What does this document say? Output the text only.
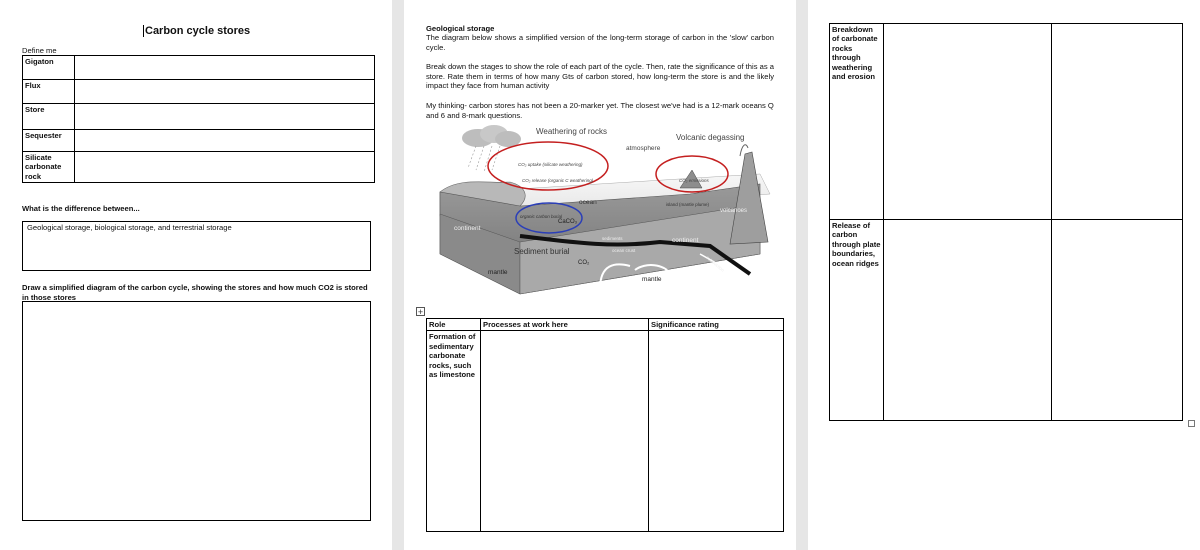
Carbon cycle stores
Define me
Gigaton	
Flux	
Store	
Sequester	
Silicate carbonate rock	
What is the difference between...
Geological storage, biological storage, and terrestrial storage
Draw a simplified diagram of the carbon cycle, showing the stores and how much CO2 is stored in those stores
Geological storage
The diagram below shows a simplified version of the long-term storage of carbon in the 'slow' carbon cycle.
Break down the stages to show the role of each part of the cycle. Then, rate the significance of this as a store. Rate them in terms of how many Gts of carbon stored, how long-term the store is and the likely impact they face from human activity
My thinking- carbon stores has not been a 20-marker yet. The closest we've had is a 12-mark oceans Q and 6 and 8-mark questions.
Weathering of rocks
atmosphere
Volcanic degassing
CO₂ uptake (silicate weathering)
CO₂ release (organic C weathering)	CO₂ emissions
ocean	island (mantle plume)
volcanoes
organic carbon burial
CaCO₃
continent
sediments	continent
Sediment burial	ocean crust
CO₂
mantle
mantle
subduction
+
Role	Processes at work here	Significance rating
Formation of sedimentary carbonate rocks, such as limestone		
Breakdown of carbonate rocks through weathering and erosion		
Release of carbon through plate boundaries, ocean ridges		
